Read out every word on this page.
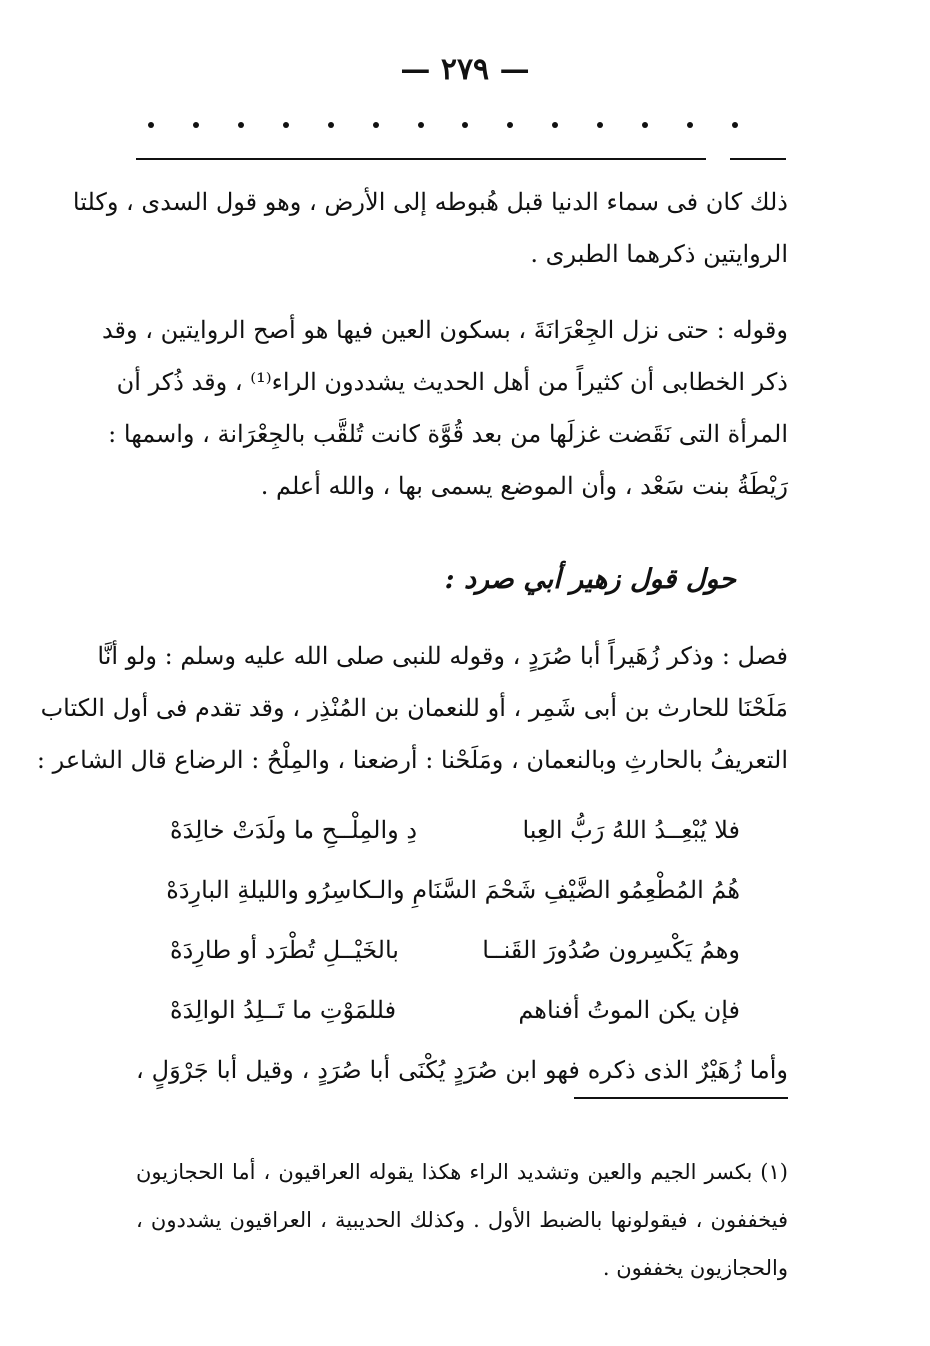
— ٢٧٩ —
ذلك كان فى سماء الدنيا قبل هُبوطه إلى الأرض ، وهو قول السدى ، وكلتا
الروايتين ذكرهما الطبرى .
وقوله : حتى نزل الجِعْرَانَةَ ، بسكون العين فيها هو أصح الروايتين ، وقد
ذكر الخطابى أن كثيراً من أهل الحديث يشددون الراء⁽¹⁾ ، وقد ذُكر أن
المرأة التى نَقَضت غزلَها من بعد قُوَّة كانت تُلقَّب بالجِعْرَانة ، واسمها :
رَيْطَةُ بنت سَعْد ، وأن الموضع يسمى بها ، والله أعلم .
حول قول زهير أبي صرد :
فصل : وذكر زُهَيراً أبا صُرَدٍ ، وقوله للنبى صلى الله عليه وسلم : ولو أنَّا
مَلَحْنَا للحارث بن أبى شَمِر ، أو للنعمان بن المُنْذِر ، وقد تقدم فى أول الكتاب
التعريفُ بالحارثِ وبالنعمان ، ومَلَحْنا : أرضعنا ، والمِلْحُ : الرضاع قال الشاعر :
فلا يُبْعِــدُ اللهُ رَبُّ العِبا
دِ والمِلْــحِ ما ولَدَتْ خالِدَهْ
هُمُ المُطْعِمُو الضَّيْفِ شَحْمَ السَّنَا
مِ والـكاسِرُو والليلةِ البارِدَهْ
وهمُ يَكْسِرون صُدُورَ القَنــا
بالخَيْــلِ تُطْرَد أو طارِدَهْ
فإن يكن الموتُ أفناهم
فللمَوْتِ ما تَــلِدُ الوالِدَهْ
وأما زُهَيْرٌ الذى ذكره فهو ابن صُرَدٍ يُكْنَى أبا صُرَدٍ ، وقيل أبا جَرْوَلٍ ،
(١) بكسر الجيم والعين وتشديد الراء هكذا يقوله العراقيون ، أما الحجازيون
فيخففون ، فيقولونها بالضبط الأول . وكذلك الحديبية ، العراقيون يشددون ،
والحجازيون يخففون .
